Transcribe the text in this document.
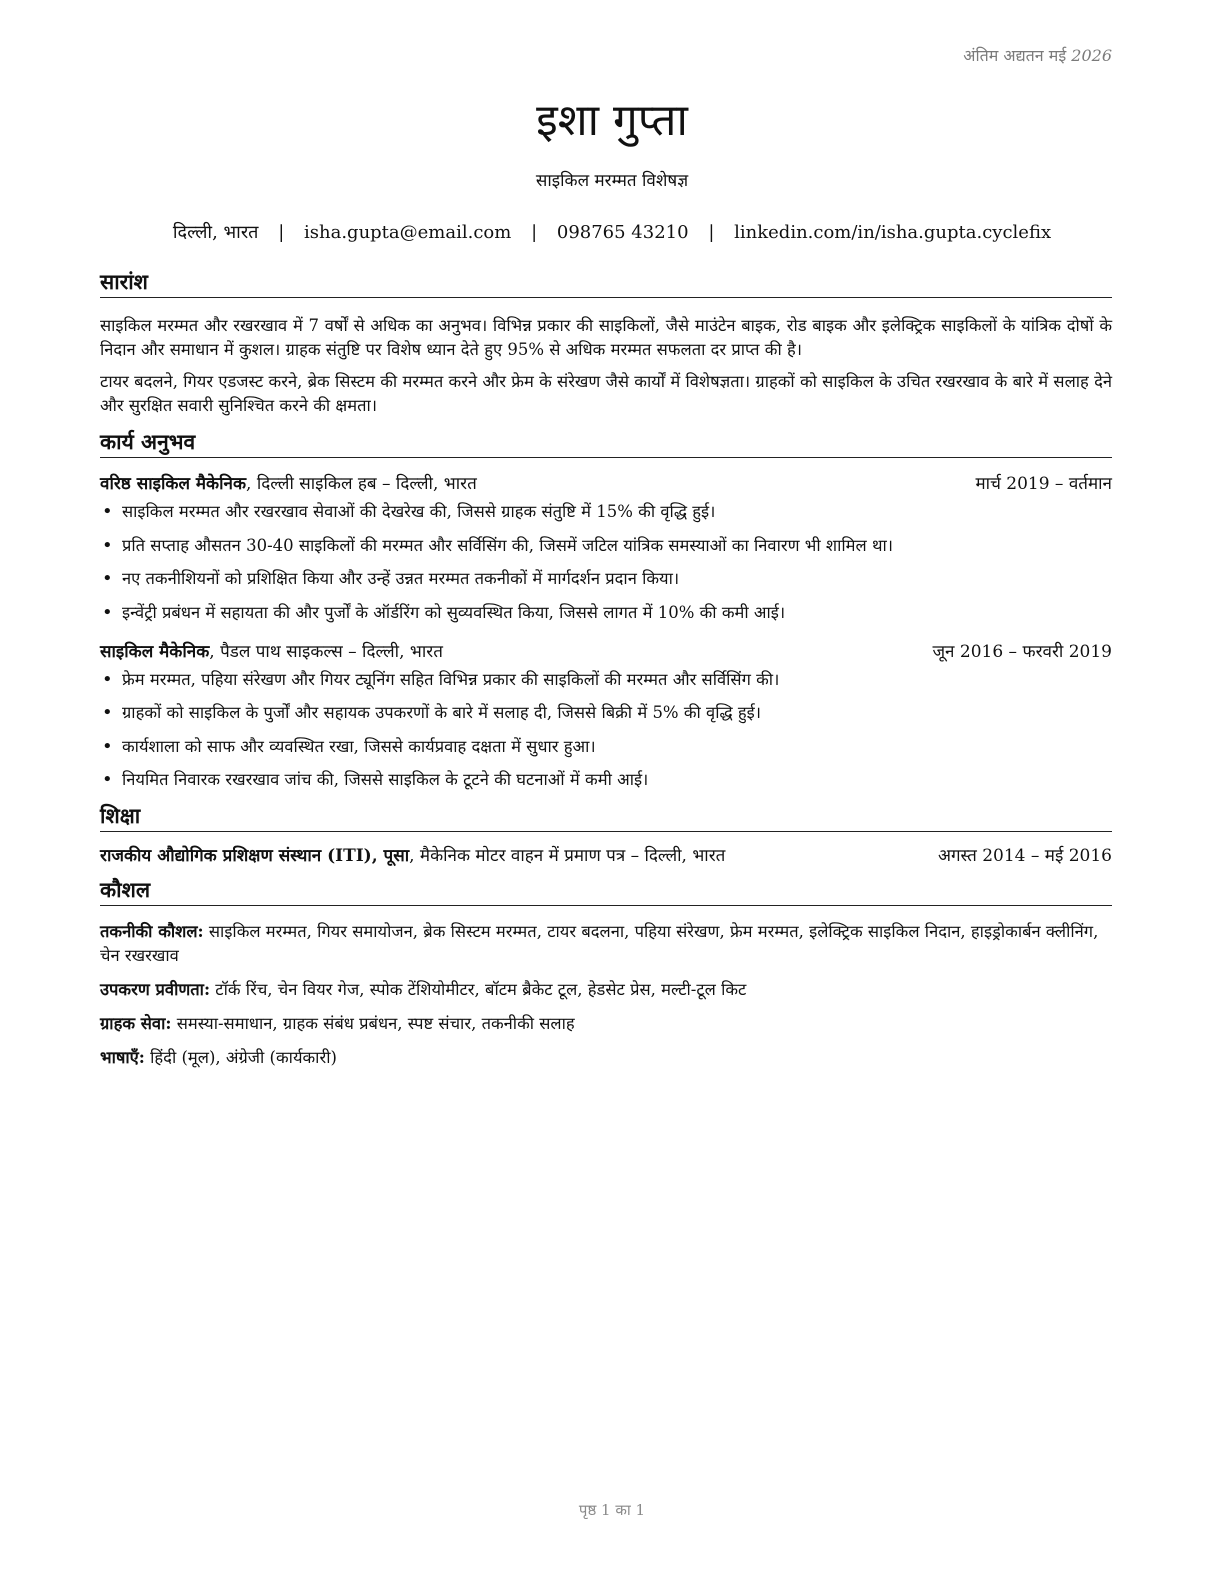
अंतिम अद्यतन मई 2026
इशा गुप्ता
साइकिल मरम्मत विशेषज्ञ
दिल्ली, भारत | isha.gupta@email.com | 098765 43210 | linkedin.com/in/isha.gupta.cyclefix
सारांश

साइकिल मरम्मत और रखरखाव में 7 वर्षों से अधिक का अनुभव। विभिन्न प्रकार की साइकिलों, जैसे माउंटेन बाइक, रोड बाइक और इलेक्ट्रिक साइकिलों के यांत्रिक दोषों के निदान और समाधान में कुशल। ग्राहक संतुष्टि पर विशेष ध्यान देते हुए 95% से अधिक मरम्मत सफलता दर प्राप्त की है।

टायर बदलने, गियर एडजस्ट करने, ब्रेक सिस्टम की मरम्मत करने और फ्रेम के संरेखण जैसे कार्यों में विशेषज्ञता। ग्राहकों को साइकिल के उचित रखरखाव के बारे में सलाह देने और सुरक्षित सवारी सुनिश्चित करने की क्षमता।

कार्य अनुभव
वरिष्ठ साइकिल मैकेनिक, दिल्ली साइकिल हब – दिल्ली, भारत	मार्च 2019 – वर्तमान
• साइकिल मरम्मत और रखरखाव सेवाओं की देखरेख की, जिससे ग्राहक संतुष्टि में 15% की वृद्धि हुई।
• प्रति सप्ताह औसतन 30-40 साइकिलों की मरम्मत और सर्विसिंग की, जिसमें जटिल यांत्रिक समस्याओं का निवारण भी शामिल था।
• नए तकनीशियनों को प्रशिक्षित किया और उन्हें उन्नत मरम्मत तकनीकों में मार्गदर्शन प्रदान किया।
• इन्वेंट्री प्रबंधन में सहायता की और पुर्जों के ऑर्डरिंग को सुव्यवस्थित किया, जिससे लागत में 10% की कमी आई।
साइकिल मैकेनिक, पैडल पाथ साइकल्स – दिल्ली, भारत	जून 2016 – फरवरी 2019
• फ्रेम मरम्मत, पहिया संरेखण और गियर ट्यूनिंग सहित विभिन्न प्रकार की साइकिलों की मरम्मत और सर्विसिंग की।
• ग्राहकों को साइकिल के पुर्जों और सहायक उपकरणों के बारे में सलाह दी, जिससे बिक्री में 5% की वृद्धि हुई।
• कार्यशाला को साफ और व्यवस्थित रखा, जिससे कार्यप्रवाह दक्षता में सुधार हुआ।
• नियमित निवारक रखरखाव जांच की, जिससे साइकिल के टूटने की घटनाओं में कमी आई।
शिक्षा
राजकीय औद्योगिक प्रशिक्षण संस्थान (ITI), पूसा, मैकेनिक मोटर वाहन में प्रमाण पत्र – दिल्ली, भारत	अगस्त 2014 – मई 2016
कौशल

तकनीकी कौशल: साइकिल मरम्मत, गियर समायोजन, ब्रेक सिस्टम मरम्मत, टायर बदलना, पहिया संरेखण, फ्रेम मरम्मत, इलेक्ट्रिक साइकिल निदान, हाइड्रोकार्बन क्लीनिंग, चेन रखरखाव

उपकरण प्रवीणता: टॉर्क रिंच, चेन वियर गेज, स्पोक टेंशियोमीटर, बॉटम ब्रैकेट टूल, हेडसेट प्रेस, मल्टी-टूल किट

ग्राहक सेवा: समस्या-समाधान, ग्राहक संबंध प्रबंधन, स्पष्ट संचार, तकनीकी सलाह

भाषाएँ: हिंदी (मूल), अंग्रेजी (कार्यकारी)

पृष्ठ 1 का 1
